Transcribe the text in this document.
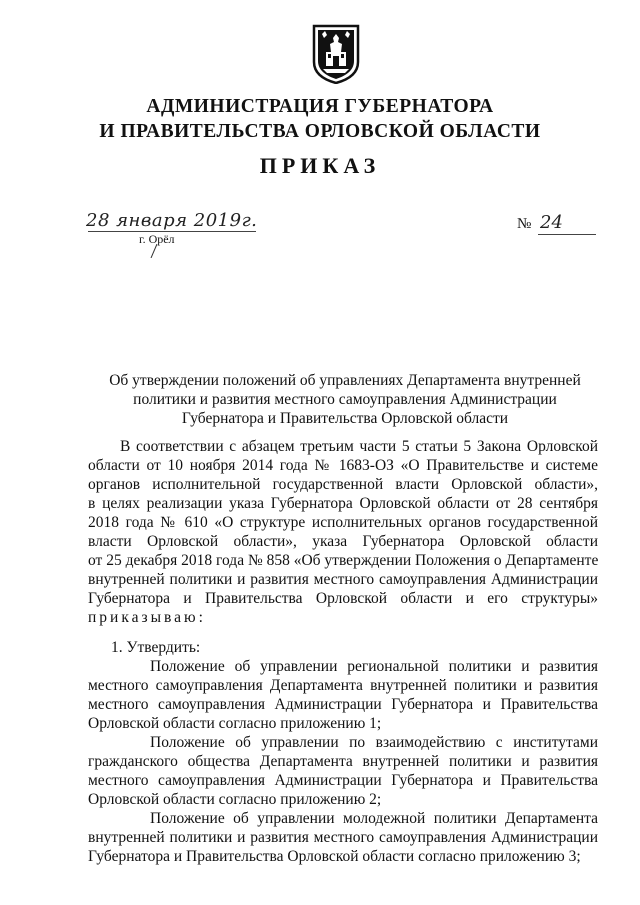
АДМИНИСТРАЦИЯ ГУБЕРНАТОРА
И ПРАВИТЕЛЬСТВА ОРЛОВСКОЙ ОБЛАСТИ
ПРИКАЗ
28 января 2019г.
г. Орёл
№ 24
Об утверждении положений об управлениях Департамента внутренней
политики и развития местного самоуправления Администрации
Губернатора и Правительства Орловской области
В соответствии с абзацем третьим части 5 статьи 5 Закона Орловской
области от 10 ноября 2014 года № 1683-ОЗ «О Правительстве и системе
органов исполнительной государственной власти Орловской области»,
в целях реализации указа Губернатора Орловской области от 28 сентября
2018 года № 610 «О структуре исполнительных органов государственной
власти Орловской области», указа Губернатора Орловской области
от 25 декабря 2018 года № 858 «Об утверждении Положения о Департаменте
внутренней политики и развития местного самоуправления Администрации
Губернатора и Правительства Орловской области и его структуры»
приказываю:
1. Утвердить:
Положение об управлении региональной политики и развития
местного самоуправления Департамента внутренней политики и развития
местного самоуправления Администрации Губернатора и Правительства
Орловской области согласно приложению 1;
Положение об управлении по взаимодействию с институтами
гражданского общества Департамента внутренней политики и развития
местного самоуправления Администрации Губернатора и Правительства
Орловской области согласно приложению 2;
Положение об управлении молодежной политики Департамента
внутренней политики и развития местного самоуправления Администрации
Губернатора и Правительства Орловской области согласно приложению 3;
